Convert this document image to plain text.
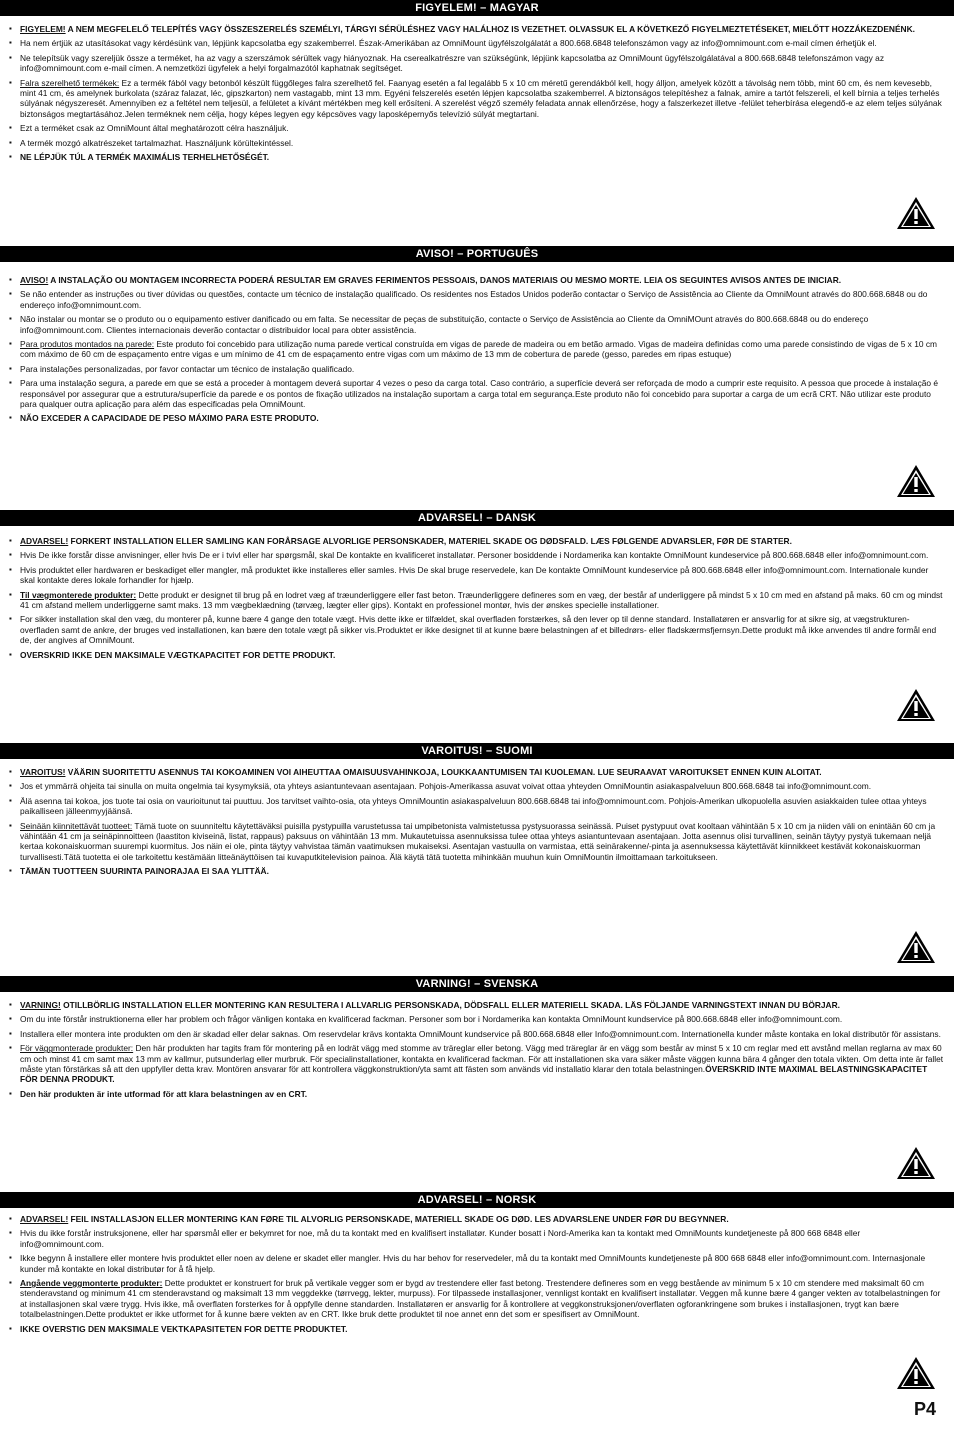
FIGYELEM! – MAGYAR
▪ FIGYELEM! A NEM MEGFELELŐ TELEPÍTÉS VAGY ÖSSZESZERELÉS SZEMÉLYI, TÁRGYI SÉRÜLÉSHEZ VAGY HALÁLHOZ IS VEZETHET. OLVASSUK EL A KÖVETKEZŐ FIGYELMEZTETÉSEKET, MIELŐTT HOZZÁKEZDENÉNK.
▪ Ha nem értjük az utasításokat vagy kérdésünk van, lépjünk kapcsolatba egy szakemberrel. Észak-Amerikában az OmniMount ügyfélszolgálatát a 800.668.6848 telefonszámon vagy az info@omnimount.com e-mail címen érhetjük el.
▪ Ne telepítsük vagy szereljük össze a terméket, ha az vagy a szerszámok sérültek vagy hiányoznak. Ha cserealkatrészre van szükségünk, lépjünk kapcsolatba az OmniMount ügyfélszolgálatával a 800.668.6848 telefonszámon vagy az info@omnimount.com e-mail címen. A nemzetközi ügyfelek a helyi forgalmazótól kaphatnak segítséget.
▪ Falra szerelhető termékek: Ez a termék fából vagy betonból készült függőleges falra szerelhető fel. Faanyag esetén a fal legalább 5 x 10 cm méretű gerendákból kell, hogy álljon, amelyek között a távolság nem több, mint 60 cm, és nem kevesebb, mint 41 cm, és amelynek burkolata (száraz falazat, léc, gipszkarton) nem vastagabb, mint 13 mm. Egyéni felszerelés esetén lépjen kapcsolatba szakemberrel. A biztonságos telepítéshez a falnak, amire a tartót felszereli, el kell bírnia a teljes terhelés súlyának négyszeresét. Amennyiben ez a feltétel nem teljesül, a felületet a kívánt mértékben meg kell erősíteni. A szerelést végző személy feladata annak ellenőrzése, hogy a falszerkezet illetve -felület teherbírása elegendő-e az elem teljes súlyának biztonságos megtartásához.Jelen terméknek nem célja, hogy képes legyen egy képcsöves vagy laposképernyős televízió súlyát megtartani.
▪ Ezt a terméket csak az OmniMount által meghatározott célra használjuk.
▪ A termék mozgó alkatrészeket tartalmazhat. Használjunk körültekintéssel.
▪ NE LÉPJÜK TÚL A TERMÉK MAXIMÁLIS TERHELHETŐSÉGÉT.
AVISO! – PORTUGUÊS
▪ AVISO! A INSTALAÇÃO OU MONTAGEM INCORRECTA PODERÁ RESULTAR EM GRAVES FERIMENTOS PESSOAIS, DANOS MATERIAIS OU MESMO MORTE. LEIA OS SEGUINTES AVISOS ANTES DE INICIAR.
▪ Se não entender as instruções ou tiver dúvidas ou questões, contacte um técnico de instalação qualificado. Os residentes nos Estados Unidos poderão contactar o Serviço de Assistência ao Cliente da OmniMount através do 800.668.6848 ou do endereço info@omnimount.com.
▪ Não instalar ou montar se o produto ou o equipamento estiver danificado ou em falta. Se necessitar de peças de substituição, contacte o Serviço de Assistência ao Cliente da OmniMOunt através do 800.668.6848 ou do endereço info@omnimount.com. Clientes internacionais deverão contactar o distribuidor local para obter assistência.
▪ Para produtos montados na parede: Este produto foi concebido para utilização numa parede vertical construída em vigas de parede de madeira ou em betão armado. Vigas de madeira definidas como uma parede consistindo de vigas de 5 x 10 cm com máximo de 60 cm de espaçamento entre vigas e um mínimo de 41 cm de espaçamento entre vigas com um máximo de 13 mm de cobertura de parede (gesso, paredes em ripas estuque)
▪ Para instalações personalizadas, por favor contactar um técnico de instalação qualificado.
▪ Para uma instalação segura, a parede em que se está a proceder à montagem deverá suportar 4 vezes o peso da carga total. Caso contrário, a superfície deverá ser reforçada de modo a cumprir este requisito. A pessoa que procede à instalação é responsável por assegurar que a estrutura/superfície da parede e os pontos de fixação utilizados na instalação suportam a carga total em segurança.Este produto não foi concebido para suportar a carga de um ecrã CRT. Não utilizar este produto para qualquer outra aplicação para além das especificadas pela OmniMount.
▪ NÃO EXCEDER A CAPACIDADE DE PESO MÁXIMO PARA ESTE PRODUTO.
ADVARSEL! – DANSK
▪ ADVARSEL! FORKERT INSTALLATION ELLER SAMLING KAN FORÅRSAGE ALVORLIGE PERSONSKADER, MATERIEL SKADE OG DØDSFALD. LÆS FØLGENDE ADVARSLER, FØR DE STARTER.
▪ Hvis De ikke forstår disse anvisninger, eller hvis De er i tvivl eller har spørgsmål, skal De kontakte en kvalificeret installatør. Personer bosiddende i Nordamerika kan kontakte OmniMount kundeservice på 800.668.6848 eller info@omnimount.com.
▪ Hvis produktet eller hardwaren er beskadiget eller mangler, må produktet ikke installeres eller samles. Hvis De skal bruge reservedele, kan De kontakte OmniMount kundeservice på 800.668.6848 eller info@omnimount.com. Internationale kunder skal kontakte deres lokale forhandler for hjælp.
▪ Til vægmonterede produkter: Dette produkt er designet til brug på en lodret væg af træunderliggere eller fast beton. Træunderliggere defineres som en væg, der består af underliggere på mindst 5 x 10 cm med en afstand på maks. 60 cm og mindst 41 cm afstand mellem underliggerne samt maks. 13 mm vægbeklædning (tørvæg, lægter eller gips). Kontakt en professionel montør, hvis der ønskes specielle installationer.
▪ For sikker installation skal den væg, du monterer på, kunne bære 4 gange den totale vægt. Hvis dette ikke er tilfældet, skal overfladen forstærkes, så den lever op til denne standard. Installatøren er ansvarlig for at sikre sig, at vægstrukturen-overfladen samt de ankre, der bruges ved installationen, kan bære den totale vægt på sikker vis.Produktet er ikke designet til at kunne bære belastningen af et billedrørs- eller fladskærmsfjernsyn.Dette produkt må ikke anvendes til andre formål end de, der angives af OmniMount.
▪ OVERSKRID IKKE DEN MAKSIMALE VÆGTKAPACITET FOR DETTE PRODUKT.
VAROITUS! – SUOMI
▪ VAROITUS! VÄÄRIN SUORITETTU ASENNUS TAI KOKOAMINEN VOI AIHEUTTAA OMAISUUSVAHINKOJA, LOUKKAANTUMISEN TAI KUOLEMAN. LUE SEURAAVAT VAROITUKSET ENNEN KUIN ALOITAT.
▪ Jos et ymmärrä ohjeita tai sinulla on muita ongelmia tai kysymyksiä, ota yhteys asiantuntevaan asentajaan. Pohjois-Amerikassa asuvat voivat ottaa yhteyden OmniMountin asiakaspalveluun 800.668.6848 tai info@omnimount.com.
▪ Älä asenna tai kokoa, jos tuote tai osia on vaurioitunut tai puuttuu. Jos tarvitset vaihto-osia, ota yhteys OmniMountin asiakaspalveluun 800.668.6848 tai info@omnimount.com. Pohjois-Amerikan ulkopuolella asuvien asiakkaiden tulee ottaa yhteys paikalliseen jälleenmyyjäänsä.
▪ Seinään kiinnitettävät tuotteet: Tämä tuote on suunniteltu käytettäväksi puisilla pystypuilla varustetussa tai umpibetonista valmistetussa pystysuorassa seinässä. Puiset pystypuut ovat kooltaan vähintään 5 x 10 cm ja niiden väli on enintään 60 cm ja vähintään 41 cm ja seinäpinnoitteen (laastiton kiviseinä, listat, rappaus) paksuus on vähintään 13 mm. Mukautetuissa asennuksissa tulee ottaa yhteys asiantuntevaan asentajaan. Jotta asennus olisi turvallinen, seinän täytyy pystyä tukemaan neljä kertaa kokonaiskuorman suurempi kuormitus. Jos näin ei ole, pinta täytyy vahvistaa tämän vaatimuksen mukaiseksi. Asentajan vastuulla on varmistaa, että seinärakenne/-pinta ja asennuksessa käytettävät kiinnikkeet kestävät kokonaiskuorman turvallisesti.Tätä tuotetta ei ole tarkoitettu kestämään litteänäyttöisen tai kuvaputkitelevision painoa. Älä käytä tätä tuotetta mihinkään muuhun kuin OmniMountin ilmoittamaan tarkoitukseen.
▪ TÄMÄN TUOTTEEN SUURINTA PAINORAJAA EI SAA YLITTÄÄ.
VARNING! – SVENSKA
▪ VARNING! OTILLBÖRLIG INSTALLATION ELLER MONTERING KAN RESULTERA I ALLVARLIG PERSONSKADA, DÖDSFALL ELLER MATERIELL SKADA. LÄS FÖLJANDE VARNINGSTEXT INNAN DU BÖRJAR.
▪ Om du inte förstår instruktionerna eller har problem och frågor vänligen kontaka en kvalificerad fackman. Personer som bor i Nordamerika kan kontakta OmniMount kundservice på 800.668.6848 eller info@omnimount.com.
▪ Installera eller montera inte produkten om den är skadad eller delar saknas. Om reservdelar krävs kontakta OmniMount kundservice på 800.668.6848 eller Info@omnimount.com. Internationella kunder måste kontaka en lokal distributör för assistans.
▪ För väggmonterade produkter: Den här produkten har tagits fram för montering på en lodrät vägg med stomme av träreglar eller betong. Vägg med träreglar är en vägg som består av minst 5 x 10 cm reglar med ett avstånd mellan reglarna av max 60 cm och minst 41 cm samt max 13 mm av kallmur, putsunderlag eller murbruk. För specialinstallationer, kontakta en kvalificerad fackman. För att installationen ska vara säker måste väggen kunna bära 4 gånger den totala vikten. Om detta inte är fallet måste ytan förstärkas så att den uppfyller detta krav. Montören ansvarar för att kontrollera väggkonstruktion/yta samt att fästen som används vid installatio klarar den totala belastningen.ÖVERSKRID INTE MAXIMAL BELASTNINGSKAPACITET FÖR DENNA PRODUKT.
▪ Den här produkten är inte utformad för att klara belastningen av en CRT.
ADVARSEL! – NORSK
▪ ADVARSEL! FEIL INSTALLASJON ELLER MONTERING KAN FØRE TIL ALVORLIG PERSONSKADE, MATERIELL SKADE OG DØD. LES ADVARSLENE UNDER FØR DU BEGYNNER.
▪ Hvis du ikke forstår instruksjonene, eller har spørsmål eller er bekymret for noe, må du ta kontakt med en kvalifisert installatør. Kunder bosatt i Nord-Amerika kan ta kontakt med OmniMounts kundetjeneste på 800 668 6848 eller info@omnimount.com.
▪ Ikke begynn å installere eller montere hvis produktet eller noen av delene er skadet eller mangler. Hvis du har behov for reservedeler, må du ta kontakt med OmniMounts kundetjeneste på 800 668 6848 eller info@omnimount.com. Internasjonale kunder må kontakte en lokal distributør for å få hjelp.
▪ Angående veggmonterte produkter: Dette produktet er konstruert for bruk på vertikale vegger som er bygd av trestendere eller fast betong. Trestendere defineres som en vegg bestående av minimum 5 x 10 cm stendere med maksimalt 60 cm stenderavstand og minimum 41 cm stenderavstand og maksimalt 13 mm veggdekke (tørrvegg, lekter, murpuss). For tilpassede installasjoner, vennligst kontakt en kvalifisert installatør. Veggen må kunne bære 4 ganger vekten av totalbelastningen for at installasjonen skal være trygg. Hvis ikke, må overflaten forsterkes for å oppfylle denne standarden. Installatøren er ansvarlig for å kontrollere at veggkonstruksjonen/overflaten ogforankringene som brukes i installasjonen, trygt kan bære totalbelastningen.Dette produktet er ikke utformet for å kunne bære vekten av en CRT. Ikke bruk dette produktet til noe annet enn det som er spesifisert av OmniMount.
▪ IKKE OVERSTIG DEN MAKSIMALE VEKTKAPASITETEN FOR DETTE PRODUKTET.
P4
